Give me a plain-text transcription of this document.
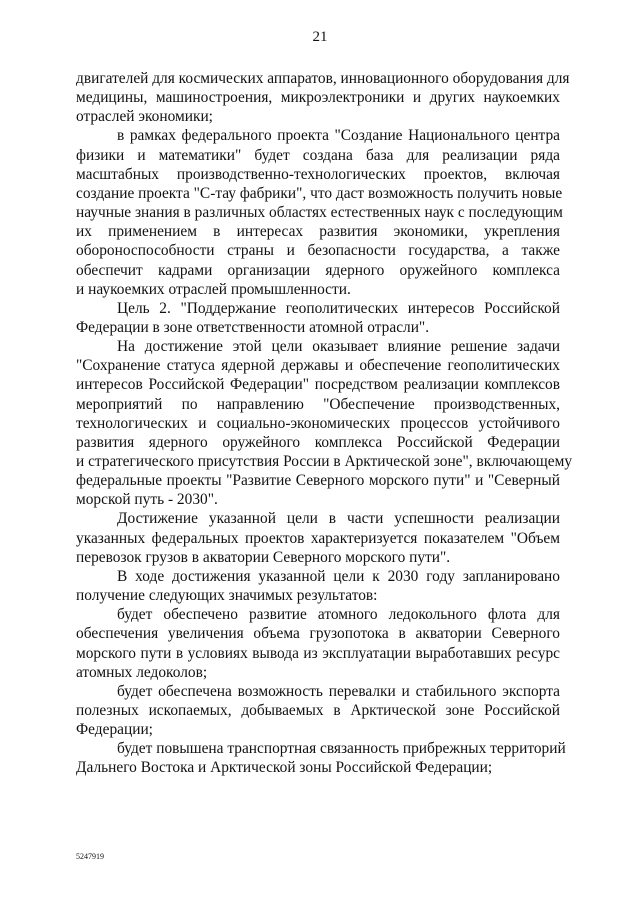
21
двигателей для космических аппаратов, инновационного оборудования для
медицины, машиностроения, микроэлектроники и других наукоемких
отраслей экономики;
в рамках федерального проекта "Создание Национального центра
физики и математики" будет создана база для реализации ряда
масштабных производственно-технологических проектов, включая
создание проекта "С-тау фабрики", что даст возможность получить новые
научные знания в различных областях естественных наук с последующим
их применением в интересах развития экономики, укрепления
обороноспособности страны и безопасности государства, а также
обеспечит кадрами организации ядерного оружейного комплекса
и наукоемких отраслей промышленности.
Цель 2. "Поддержание геополитических интересов Российской
Федерации в зоне ответственности атомной отрасли".
На достижение этой цели оказывает влияние решение задачи
"Сохранение статуса ядерной державы и обеспечение геополитических
интересов Российской Федерации" посредством реализации комплексов
мероприятий по направлению "Обеспечение производственных,
технологических и социально-экономических процессов устойчивого
развития ядерного оружейного комплекса Российской Федерации
и стратегического присутствия России в Арктической зоне", включающему
федеральные проекты "Развитие Северного морского пути" и "Северный
морской путь - 2030".
Достижение указанной цели в части успешности реализации
указанных федеральных проектов характеризуется показателем "Объем
перевозок грузов в акватории Северного морского пути".
В ходе достижения указанной цели к 2030 году запланировано
получение следующих значимых результатов:
будет обеспечено развитие атомного ледокольного флота для
обеспечения увеличения объема грузопотока в акватории Северного
морского пути в условиях вывода из эксплуатации выработавших ресурс
атомных ледоколов;
будет обеспечена возможность перевалки и стабильного экспорта
полезных ископаемых, добываемых в Арктической зоне Российской
Федерации;
будет повышена транспортная связанность прибрежных территорий
Дальнего Востока и Арктической зоны Российской Федерации;
5247919
